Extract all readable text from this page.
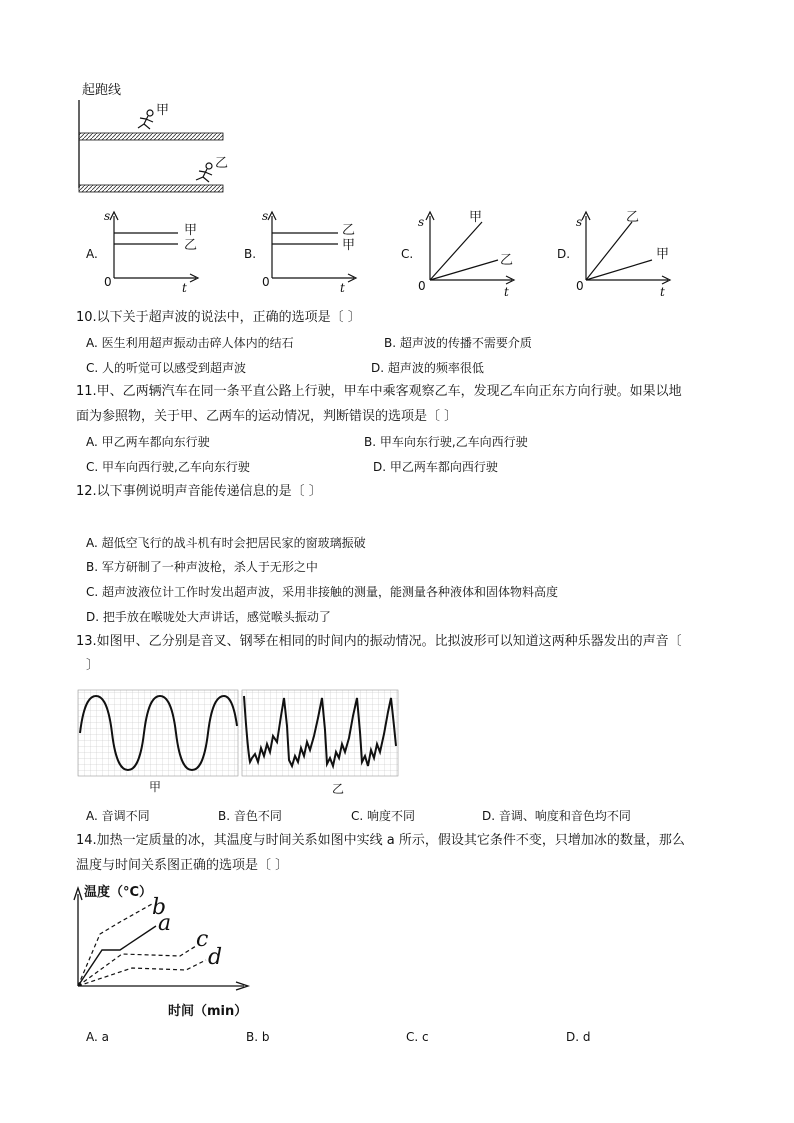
起跑线
甲
乙
A.
s
t
0
甲
乙
B.
s
t
0
乙
甲
C.
s
t
0
甲
乙	D.
s
t
0
乙
甲
10.以下关于超声波的说法中，正确的选项是〔 〕
A. 医生利用超声振动击碎人体内的结石	B. 超声波的传播不需要介质
C. 人的听觉可以感受到超声波	D. 超声波的频率很低
11.甲、乙两辆汽车在同一条平直公路上行驶，甲车中乘客观察乙车，发现乙车向正东方向行驶。如果以地
面为参照物，关于甲、乙两车的运动情况，判断错误的选项是〔 〕
A. 甲乙两车都向东行驶	B. 甲车向东行驶,乙车向西行驶
C. 甲车向西行驶,乙车向东行驶	D. 甲乙两车都向西行驶
12.以下事例说明声音能传递信息的是〔 〕
A. 超低空飞行的战斗机有时会把居民家的窗玻璃振破
B. 军方研制了一种声波枪，杀人于无形之中
C. 超声波液位计工作时发出超声波，采用非接触的测量，能测量各种液体和固体物料高度
D. 把手放在喉咙处大声讲话，感觉喉头振动了
13.如图甲、乙分别是音叉、钢琴在相同的时间内的振动情况。比拟波形可以知道这两种乐器发出的声音〔
〕
甲	乙
A. 音调不同	B. 音色不同	C. 响度不同	D. 音调、响度和音色均不同
14.加热一定质量的冰，其温度与时间关系如图中实线 a 所示，假设其它条件不变，只增加冰的数量，那么
温度与时间关系图正确的选项是〔 〕
温度（°C）
b
a
c
d
时间（min）
A. a	B. b	C. c	D. d
